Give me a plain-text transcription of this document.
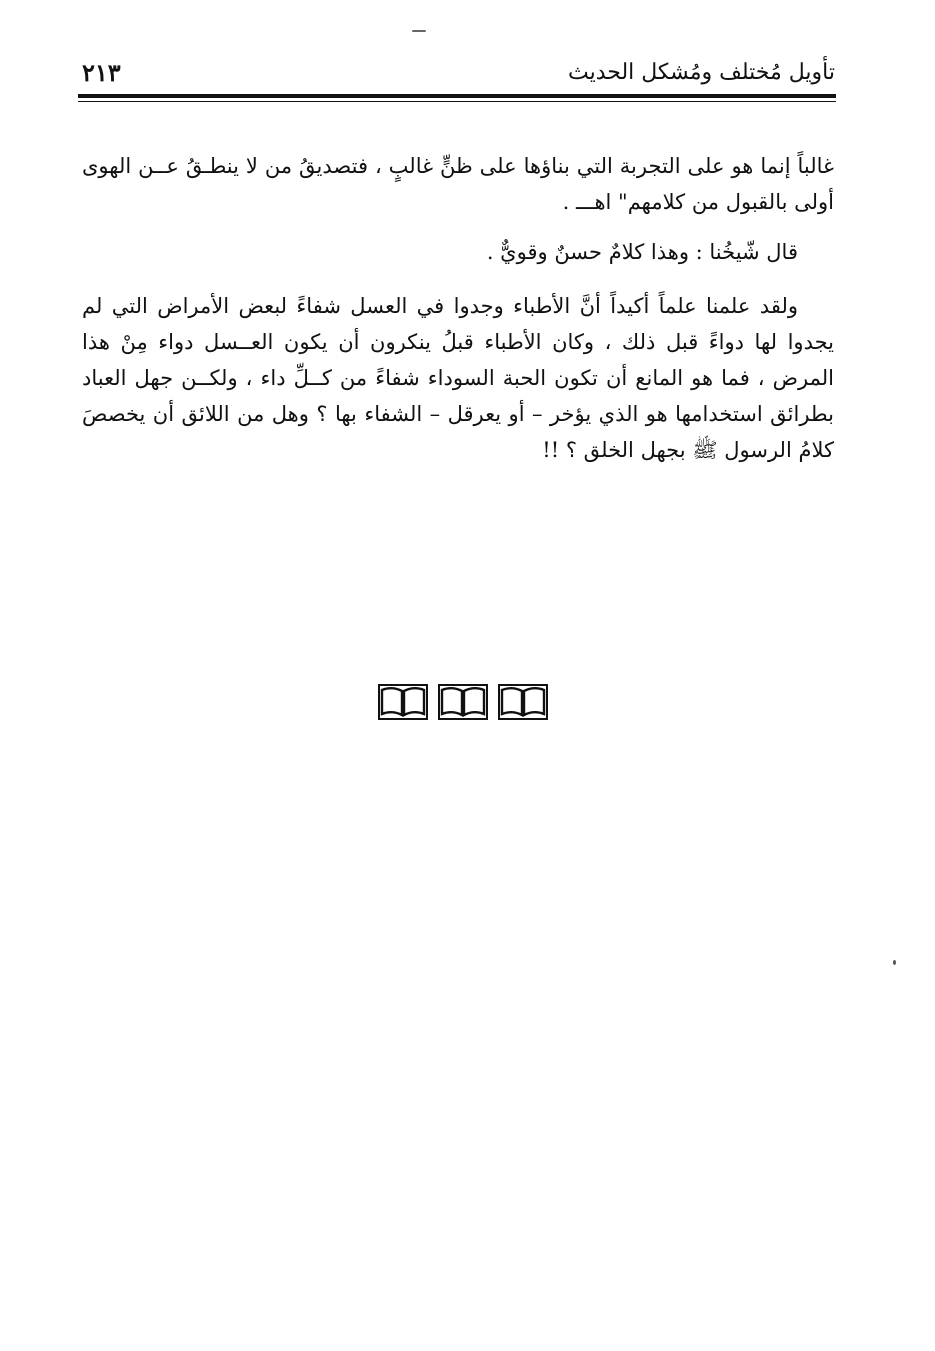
تأويل مُختلف ومُشكل الحديث
٢١٣

غالباً إنما هو على التجربة التي بناؤها على ظنٍّ غالبٍ ، فتصديقُ من لا ينطـقُ عــن الهوى أولى بالقبول من كلامهم" اهـــ .

قال شّيخُنا : وهذا كلامٌ حسنٌ وقويٌّ .

ولقد علمنا علماً أكيداً أنَّ الأطباء وجدوا في العسل شفاءً لبعض الأمراض التي لم يجدوا لها دواءً قبل ذلك ، وكان الأطباء قبلُ ينكرون أن يكون العــسل دواء مِنْ هذا المرض ، فما هو المانع أن تكون الحبة السوداء شفاءً من كــلِّ داء ، ولكــن جهل العباد بطرائق استخدامها هو الذي يؤخر – أو يعرقل – الشفاء بها ؟ وهل من اللائق أن يخصصَ كلامُ الرسول ﷺ بجهل الخلق ؟ !!
